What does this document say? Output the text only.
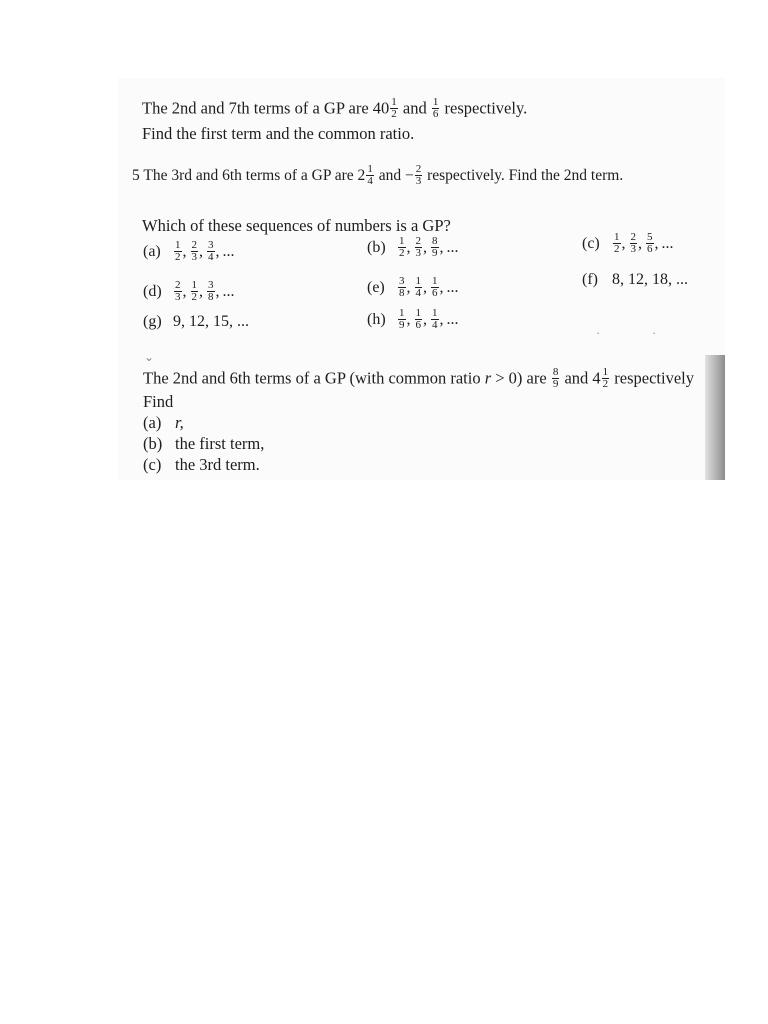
The 2nd and 7th terms of a GP are $40 \frac{1}{2}$ and $\frac{1}{6}$ respectively.
Find the first term and the common ratio.
5 The 3rd and 6th terms of a GP are $2 \frac{1}{4}$ and − $\frac{2}{3}$ respectively. Find the 2nd term.
Which of these sequences of numbers is a GP?
$(a) \frac{1}{2}$ , $\frac{2}{3}$ , $\frac{3}{4}$ , ...	$(b) \frac{1}{2}$ , $\frac{2}{3}$ , $\frac{8}{9}$ , ...	$(c) \frac{1}{2}$ , $\frac{2}{3}$ , $\frac{5}{6}$ , ...
$(d) \frac{2}{3}$ , $\frac{1}{2}$ , $\frac{3}{8}$ , ...	$(e) \frac{3}{8}$ , $\frac{1}{4}$ , $\frac{1}{6}$ , ...	(f) 8, 12, 18, ...
(g) 9, 12, 15, ...	$(h) \frac{1}{9}$ , $\frac{1}{6}$ , $\frac{1}{4}$ , ...
⌄
·	·
The 2nd and 6th terms of a GP (with common ratio r > 0) are $\frac{8}{9}$ and $4 \frac{1}{2}$ respectively
Find
(a) r,
(b) the first term,
(c) the 3rd term.
